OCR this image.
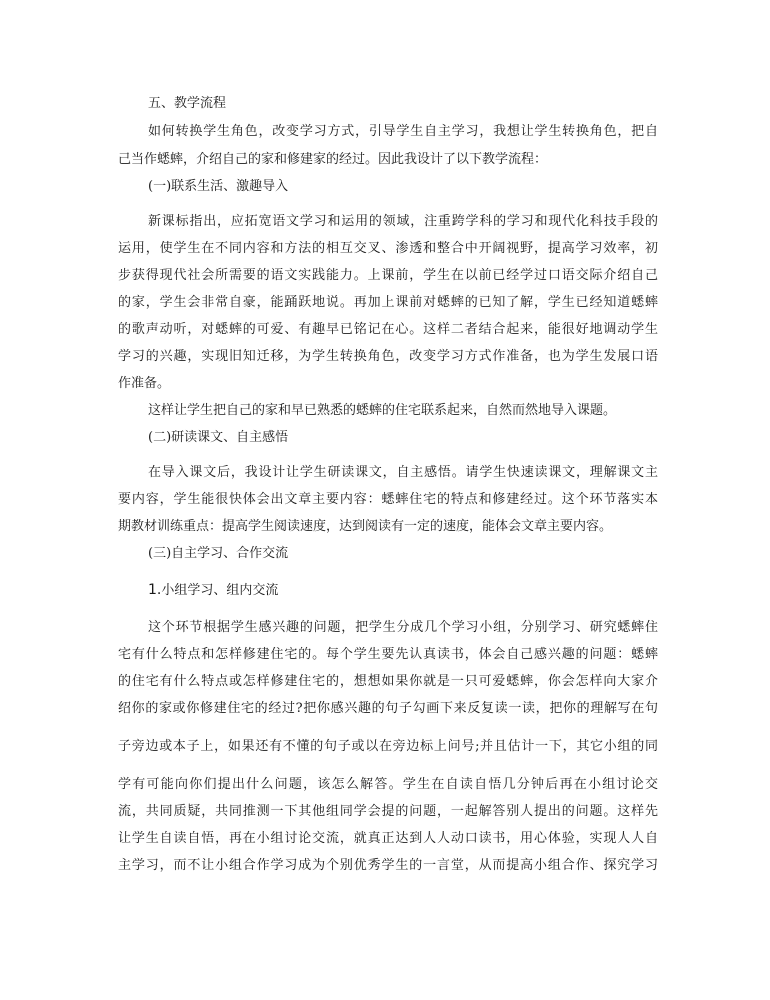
五、教学流程

如何转换学生角色，改变学习方式，引导学生自主学习，我想让学生转换角色，把自

己当作蟋蟀，介绍自己的家和修建家的经过。因此我设计了以下教学流程：

(一)联系生活、激趣导入

新课标指出，应拓宽语文学习和运用的领域，注重跨学科的学习和现代化科技手段的

运用，使学生在不同内容和方法的相互交叉、渗透和整合中开阔视野，提高学习效率，初

步获得现代社会所需要的语文实践能力。上课前，学生在以前已经学过口语交际介绍自己

的家，学生会非常自豪，能踊跃地说。再加上课前对蟋蟀的已知了解，学生已经知道蟋蟀

的歌声动听，对蟋蟀的可爱、有趣早已铭记在心。这样二者结合起来，能很好地调动学生

学习的兴趣，实现旧知迁移，为学生转换角色，改变学习方式作准备，也为学生发展口语

作准备。

这样让学生把自己的家和早已熟悉的蟋蟀的住宅联系起来，自然而然地导入课题。

(二)研读课文、自主感悟

在导入课文后，我设计让学生研读课文，自主感悟。请学生快速读课文，理解课文主

要内容，学生能很快体会出文章主要内容：蟋蟀住宅的特点和修建经过。这个环节落实本

期教材训练重点：提高学生阅读速度，达到阅读有一定的速度，能体会文章主要内容。

(三)自主学习、合作交流

1.小组学习、组内交流

这个环节根据学生感兴趣的问题，把学生分成几个学习小组，分别学习、研究蟋蟀住

宅有什么特点和怎样修建住宅的。每个学生要先认真读书，体会自己感兴趣的问题：蟋蟀

的住宅有什么特点或怎样修建住宅的，想想如果你就是一只可爱蟋蟀，你会怎样向大家介

绍你的家或你修建住宅的经过?把你感兴趣的句子勾画下来反复读一读，把你的理解写在句

子旁边或本子上，如果还有不懂的句子或以在旁边标上问号;并且估计一下，其它小组的同

学有可能向你们提出什么问题，该怎么解答。学生在自读自悟几分钟后再在小组讨论交

流，共同质疑，共同推测一下其他组同学会提的问题，一起解答别人提出的问题。这样先

让学生自读自悟，再在小组讨论交流，就真正达到人人动口读书，用心体验，实现人人自

主学习，而不让小组合作学习成为个别优秀学生的一言堂，从而提高小组合作、探究学习
